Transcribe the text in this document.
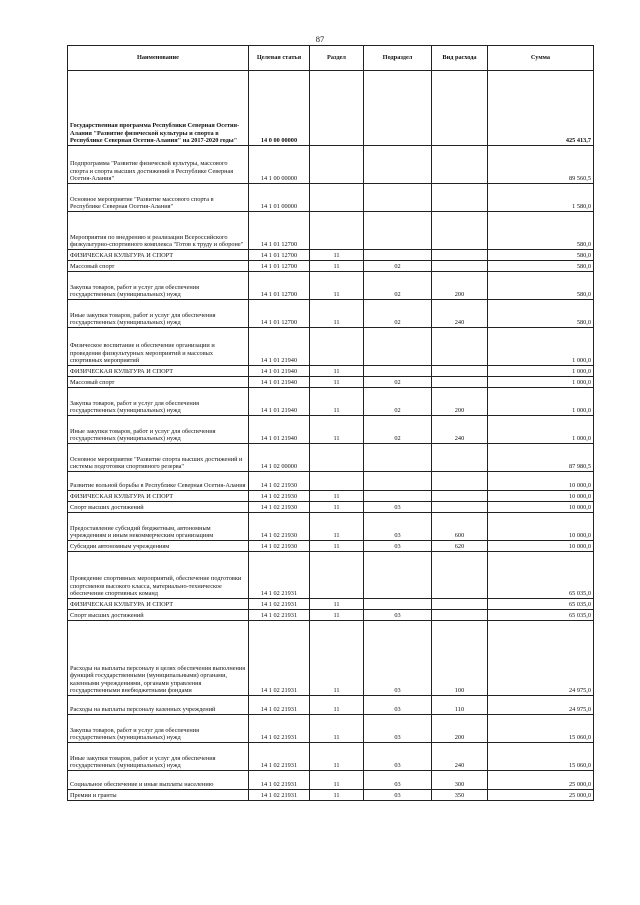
87
Наименование	Целевая статья	Раздел	Подраздел	Вид расхода	Сумма
Государственная программа Республики Северная Осетия-Алания "Развитие физической культуры и спорта в Республике Северная Осетия-Алания" на 2017-2020 годы"	14 0 00 00000				425 413,7
Подпрограмма "Развитие физической культуры, массового спорта и спорта высших достижений в Республике Северная Осетия-Алания"	14 1 00 00000				89 560,5
Основное мероприятие "Развитие массового спорта в Республике Северная Осетия-Алания"	14 1 01 00000				1 580,0
Мероприятия по внедрению и реализации Всероссийского физкультурно-спортивного комплекса "Готов к труду и обороне"	14 1 01 12700				580,0
ФИЗИЧЕСКАЯ КУЛЬТУРА И СПОРТ	14 1 01 12700	11			580,0
Массовый спорт	14 1 01 12700	11	02		580,0
Закупка товаров, работ и услуг для обеспечения государственных (муниципальных) нужд	14 1 01 12700	11	02	200	580,0
Иные закупки товаров, работ и услуг для обеспечения государственных (муниципальных) нужд	14 1 01 12700	11	02	240	580,0
Физическое воспитание и обеспечение организации и проведения физкультурных мероприятий и массовых спортивных мероприятий	14 1 01 21940				1 000,0
ФИЗИЧЕСКАЯ КУЛЬТУРА И СПОРТ	14 1 01 21940	11			1 000,0
Массовый спорт	14 1 01 21940	11	02		1 000,0
Закупка товаров, работ и услуг для обеспечения государственных (муниципальных) нужд	14 1 01 21940	11	02	200	1 000,0
Иные закупки товаров, работ и услуг для обеспечения государственных (муниципальных) нужд	14 1 01 21940	11	02	240	1 000,0
Основное мероприятие "Развитие спорта высших достижений и системы подготовки спортивного резерва"	14 1 02 00000				87 980,5
Развитие вольной борьбы в Республике Северная Осетия-Алания	14 1 02 21930				10 000,0
ФИЗИЧЕСКАЯ КУЛЬТУРА И СПОРТ	14 1 02 21930	11			10 000,0
Спорт высших достижений	14 1 02 21930	11	03		10 000,0
Предоставление субсидий бюджетным, автономным учреждениям и иным некоммерческим организациям	14 1 02 21930	11	03	600	10 000,0
Субсидии автономным учреждениям	14 1 02 21930	11	03	620	10 000,0
Проведение спортивных мероприятий, обеспечение подготовки спортсменов высокого класса, материально-техническое обеспечение спортивных команд	14 1 02 21931				65 035,0
ФИЗИЧЕСКАЯ КУЛЬТУРА И СПОРТ	14 1 02 21931	11			65 035,0
Спорт высших достижений	14 1 02 21931	11	03		65 035,0
Расходы на выплаты персоналу в целях обеспечения выполнения функций государственными (муниципальными) органами, казенными учреждениями, органами управления государственными внебюджетными фондами	14 1 02 21931	11	03	100	24 975,0
Расходы на выплаты персоналу казенных учреждений	14 1 02 21931	11	03	110	24 975,0
Закупка товаров, работ и услуг для обеспечения государственных (муниципальных) нужд	14 1 02 21931	11	03	200	15 060,0
Иные закупки товаров, работ и услуг для обеспечения государственных (муниципальных) нужд	14 1 02 21931	11	03	240	15 060,0
Социальное обеспечение и иные выплаты населению	14 1 02 21931	11	03	300	25 000,0
Премии и гранты	14 1 02 21931	11	03	350	25 000,0
